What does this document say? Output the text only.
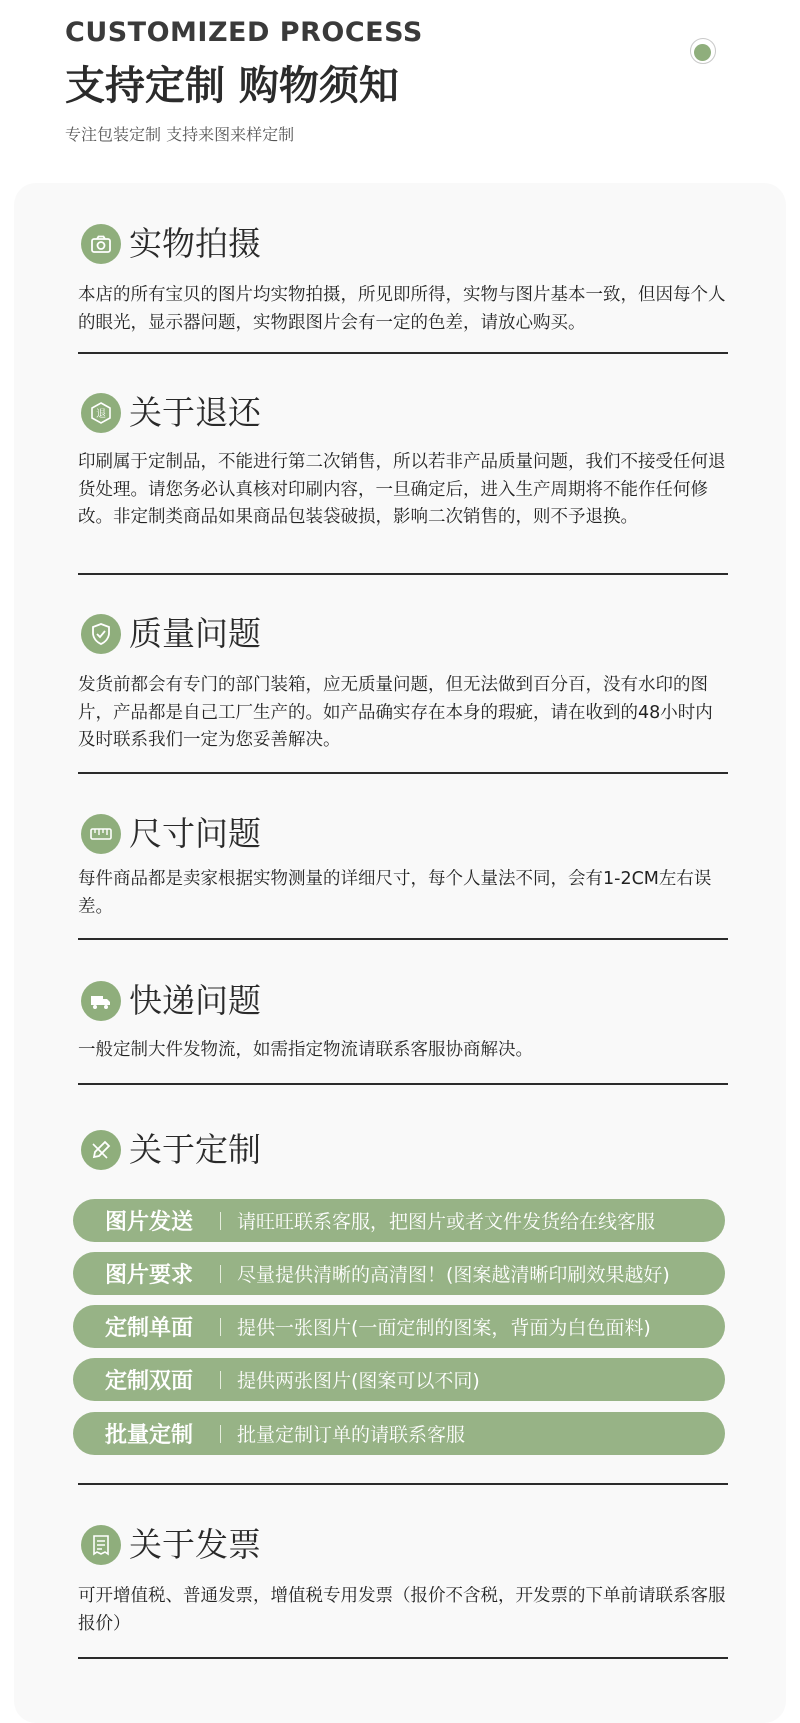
CUSTOMIZED PROCESS
支持定制 购物须知
专注包装定制 支持来图来样定制
实物拍摄
本店的所有宝贝的图片均实物拍摄，所见即所得，实物与图片基本一致，但因每个人的眼光，显示器问题，实物跟图片会有一定的色差，请放心购买。
退 关于退还
印刷属于定制品，不能进行第二次销售，所以若非产品质量问题，我们不接受任何退货处理。请您务必认真核对印刷内容，一旦确定后，进入生产周期将不能作任何修改。非定制类商品如果商品包装袋破损，影响二次销售的，则不予退换。
质量问题
发货前都会有专门的部门装箱，应无质量问题，但无法做到百分百，没有水印的图片，产品都是自己工厂生产的。如产品确实存在本身的瑕疵，请在收到的48小时内及时联系我们一定为您妥善解决。
尺寸问题
每件商品都是卖家根据实物测量的详细尺寸，每个人量法不同，会有1-2CM左右误差。
快递问题
一般定制大件发物流，如需指定物流请联系客服协商解决。
关于定制
图片发送	请旺旺联系客服，把图片或者文件发货给在线客服
图片要求	尽量提供清晰的高清图！(图案越清晰印刷效果越好)
定制单面	提供一张图片(一面定制的图案，背面为白色面料)
定制双面	提供两张图片(图案可以不同)
批量定制	批量定制订单的请联系客服
关于发票
可开增值税、普通发票，增值税专用发票（报价不含税，开发票的下单前请联系客服报价）
